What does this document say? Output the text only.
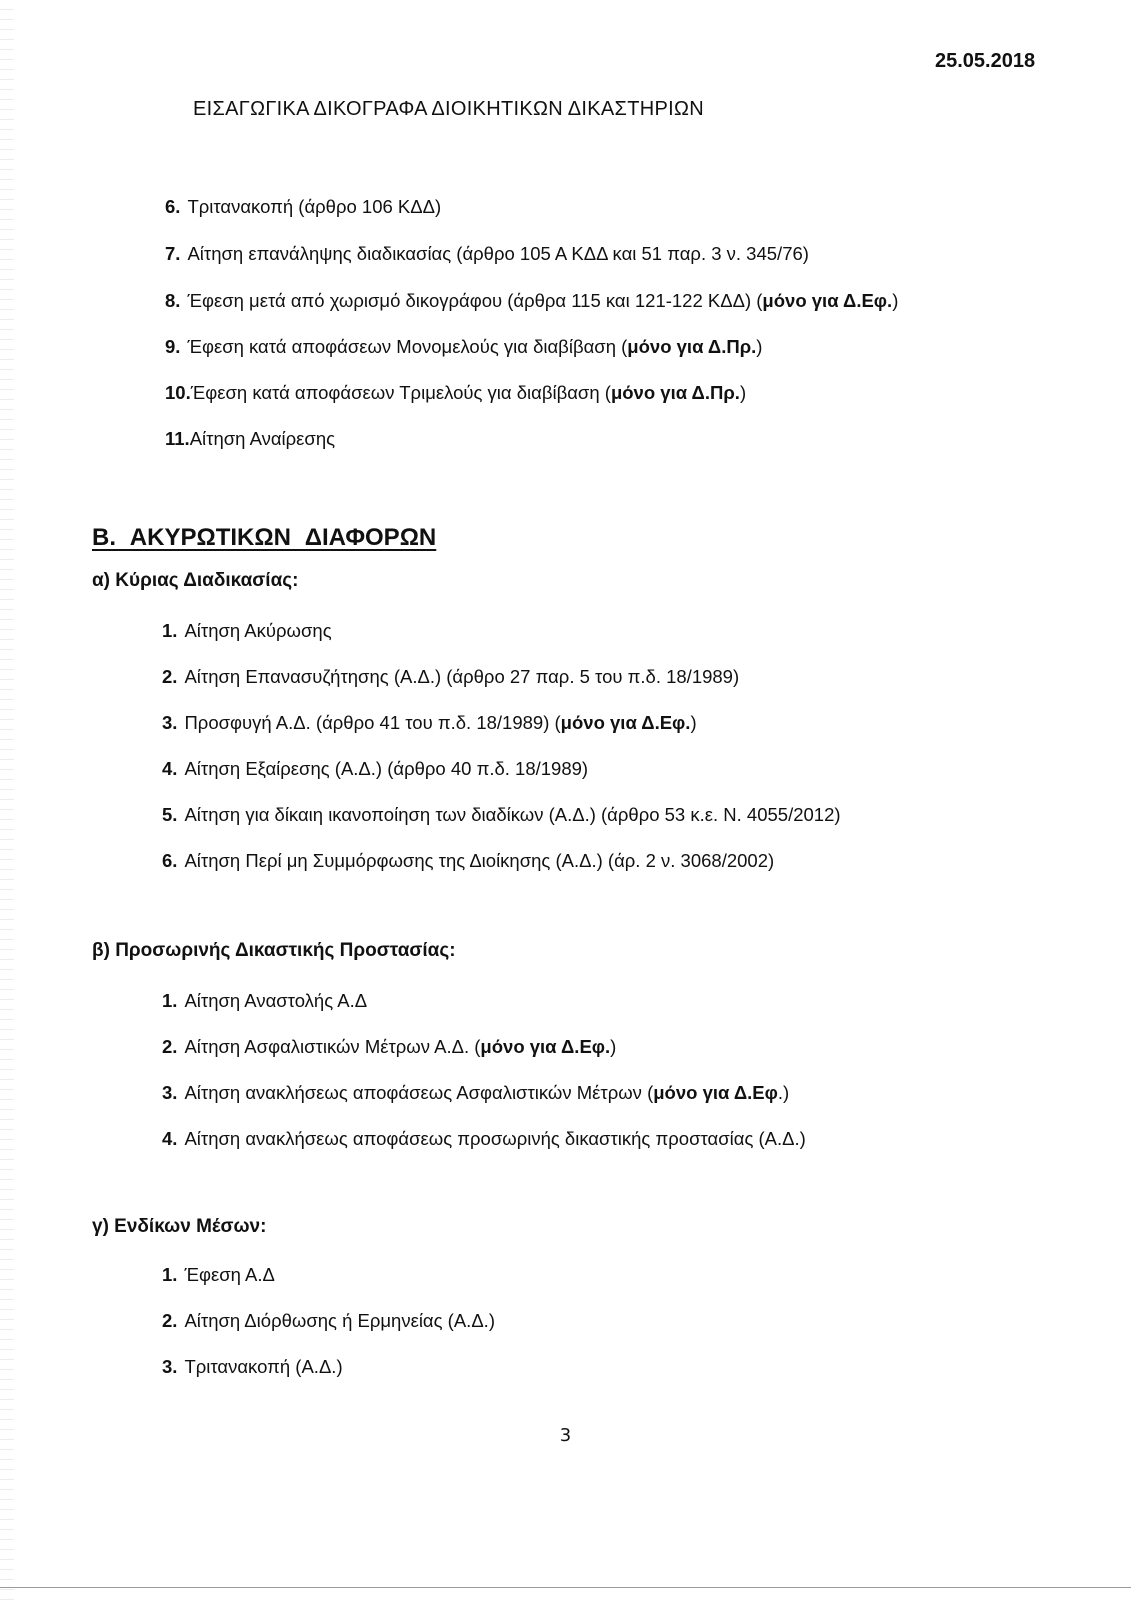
25.05.2018
ΕΙΣΑΓΩΓΙΚΑ ΔΙΚΟΓΡΑΦΑ ΔΙΟΙΚΗΤΙΚΩΝ ΔΙΚΑΣΤΗΡΙΩΝ
6. Τριτανακοπή (άρθρο 106 ΚΔΔ)
7. Αίτηση επανάληψης διαδικασίας (άρθρο 105 Α ΚΔΔ και 51 παρ. 3 ν. 345/76)
8. Έφεση μετά από χωρισμό δικογράφου (άρθρα 115 και 121-122 ΚΔΔ) (μόνο για Δ.Εφ.)
9. Έφεση κατά αποφάσεων Μονομελούς για διαβίβαση (μόνο για Δ.Πρ.)
10.Έφεση κατά αποφάσεων Τριμελούς για διαβίβαση (μόνο για Δ.Πρ.)
11.Αίτηση Αναίρεσης
Β. ΑΚΥΡΩΤΙΚΩΝ ΔΙΑΦΟΡΩΝ
α) Κύριας Διαδικασίας:
1. Αίτηση Ακύρωσης
2. Αίτηση Επανασυζήτησης (Α.Δ.) (άρθρο 27 παρ. 5 του π.δ. 18/1989)
3. Προσφυγή Α.Δ. (άρθρο 41 του π.δ. 18/1989) (μόνο για Δ.Εφ.)
4. Αίτηση Εξαίρεσης (Α.Δ.) (άρθρο 40 π.δ. 18/1989)
5. Αίτηση για δίκαιη ικανοποίηση των διαδίκων (Α.Δ.) (άρθρο 53 κ.ε. Ν. 4055/2012)
6. Αίτηση Περί μη Συμμόρφωσης της Διοίκησης (Α.Δ.) (άρ. 2 ν. 3068/2002)
β) Προσωρινής Δικαστικής Προστασίας:
1. Αίτηση Αναστολής Α.Δ
2. Αίτηση Ασφαλιστικών Μέτρων Α.Δ. (μόνο για Δ.Εφ.)
3. Αίτηση ανακλήσεως αποφάσεως Ασφαλιστικών Μέτρων (μόνο για Δ.Εφ.)
4. Αίτηση ανακλήσεως αποφάσεως προσωρινής δικαστικής προστασίας (Α.Δ.)
γ) Ενδίκων Μέσων:
1. Έφεση Α.Δ
2. Αίτηση Διόρθωσης ή Ερμηνείας (Α.Δ.)
3. Τριτανακοπή (Α.Δ.)
3
